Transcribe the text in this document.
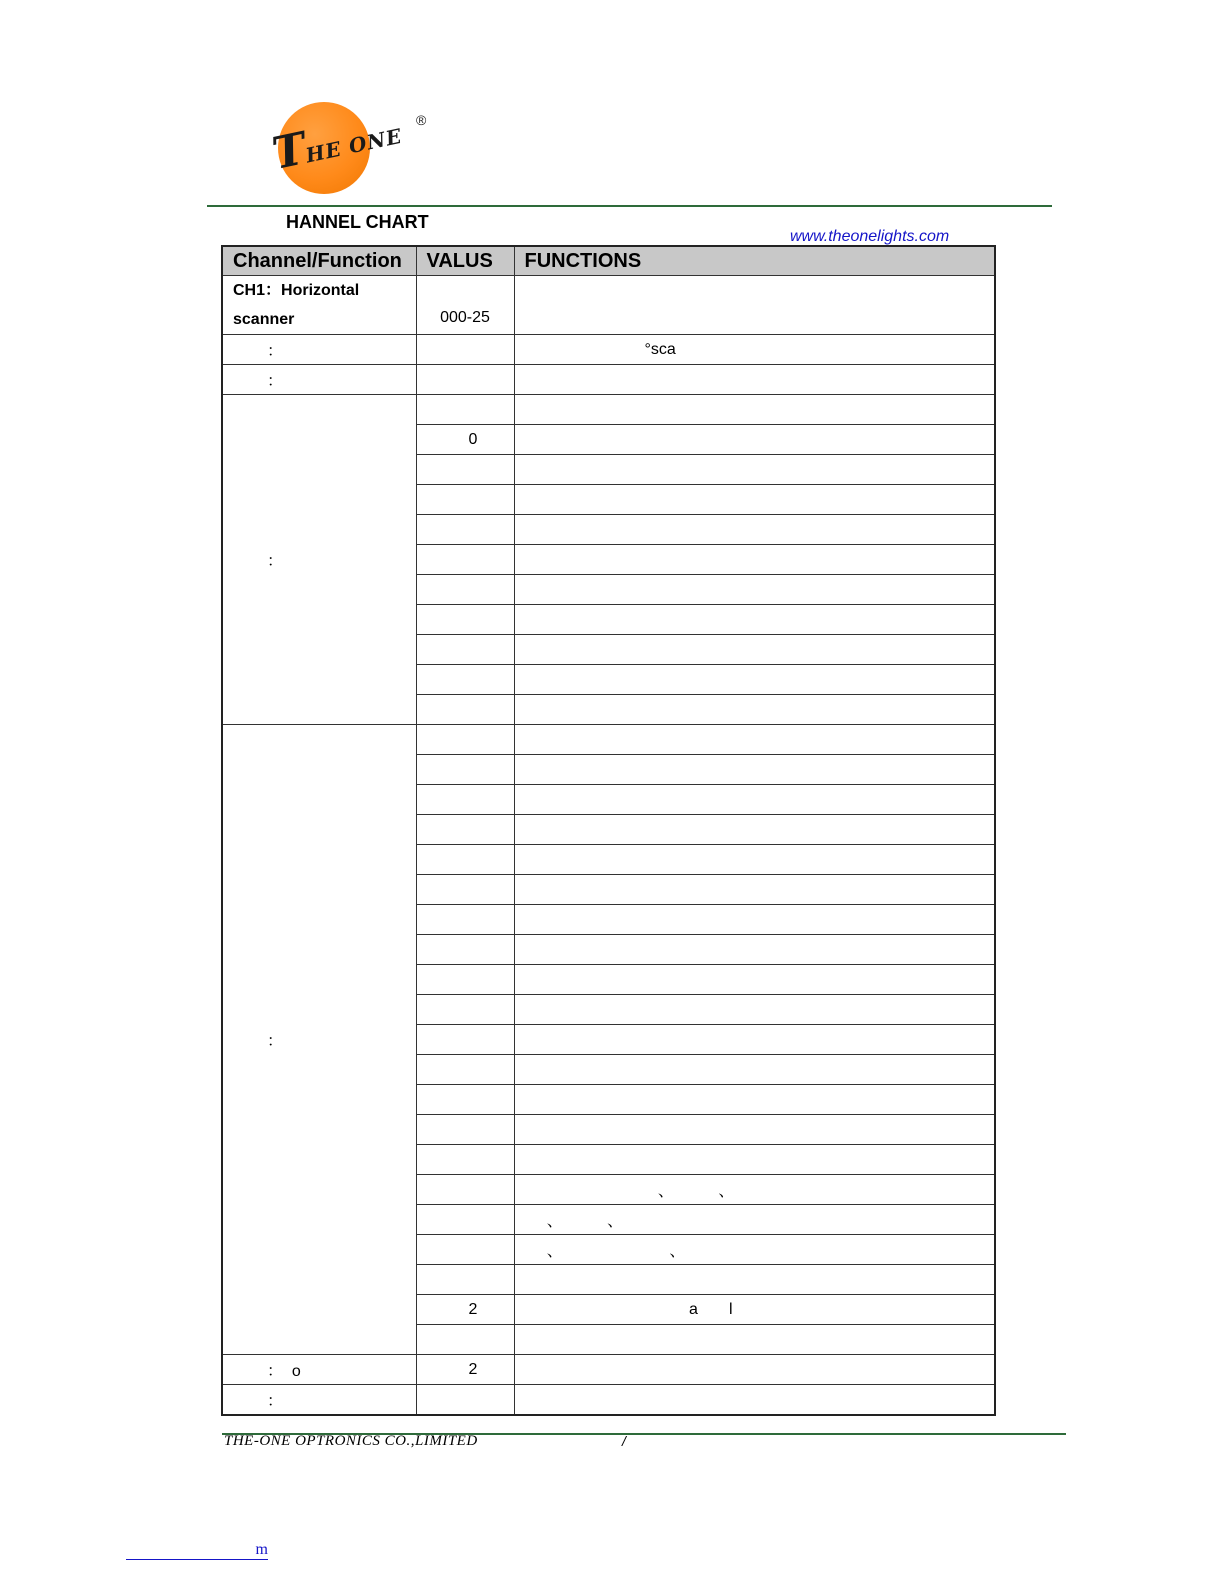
THE ONE
®
HANNEL CHART
www.theonelights.com
Channel/Function	VALUS	FUNCTIONS
CH1：Horizontal
scanner	000-25	

：		°sca
：		
：		
	0	

：		

		、          、
		、          、
		、                        、

	2	a       l

：  o	2	
：		
THE-ONE OPTRONICS CO.,LIMITED	/
m
